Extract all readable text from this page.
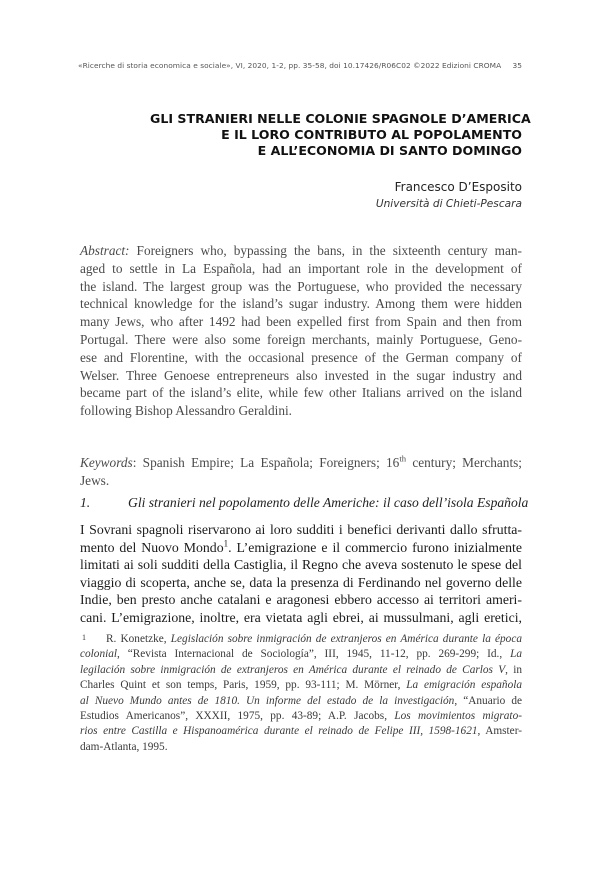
«Ricerche di storia economica e sociale», VI, 2020, 1-2, pp. 35-58, doi 10.17426/R06C02 ©2022 Edizioni CROMA 35
GLI STRANIERI NELLE COLONIE SPAGNOLE D’AMERICA
E IL LORO CONTRIBUTO AL POPOLAMENTO
E ALL’ECONOMIA DI SANTO DOMINGO
Francesco D’Esposito
Università di Chieti-Pescara
Abstract: Foreigners who, bypassing the bans, in the sixteenth century man-
aged to settle in La Española, had an important role in the development of
the island. The largest group was the Portuguese, who provided the necessary
technical knowledge for the island’s sugar industry. Among them were hidden
many Jews, who after 1492 had been expelled first from Spain and then from
Portugal. There were also some foreign merchants, mainly Portuguese, Geno-
ese and Florentine, with the occasional presence of the German company of
Welser. Three Genoese entrepreneurs also invested in the sugar industry and
became part of the island’s elite, while few other Italians arrived on the island
following Bishop Alessandro Geraldini.
Keywords: Spanish Empire; La Española; Foreigners; 16th century; Merchants;
Jews.
1.	Gli stranieri nel popolamento delle Americhe: il caso dell’isola Española
I Sovrani spagnoli riservarono ai loro sudditi i benefici derivanti dallo sfrutta-
mento del Nuovo Mondo$^1$. L’emigrazione e il commercio furono inizialmente
limitati ai soli sudditi della Castiglia, il Regno che aveva sostenuto le spese del
viaggio di scoperta, anche se, data la presenza di Ferdinando nel governo delle
Indie, ben presto anche catalani e aragonesi ebbero accesso ai territori ameri-
cani. L’emigrazione, inoltre, era vietata agli ebrei, ai mussulmani, agli eretici,
1 R. Konetzke, Legislación sobre inmigración de extranjeros en América durante la época
colonial, “Revista Internacional de Sociología”, III, 1945, 11-12, pp. 269-299; Id., La
legilación sobre inmigración de extranjeros en América durante el reinado de Carlos V, in
Charles Quint et son temps, Paris, 1959, pp. 93-111; M. Mörner, La emigración española
al Nuevo Mundo antes de 1810. Un informe del estado de la investigación, “Anuario de
Estudios Americanos”, XXXII, 1975, pp. 43-89; A.P. Jacobs, Los movimientos migrato-
rios entre Castilla e Hispanoamérica durante el reinado de Felipe III, 1598-1621, Amster-
dam-Atlanta, 1995.
